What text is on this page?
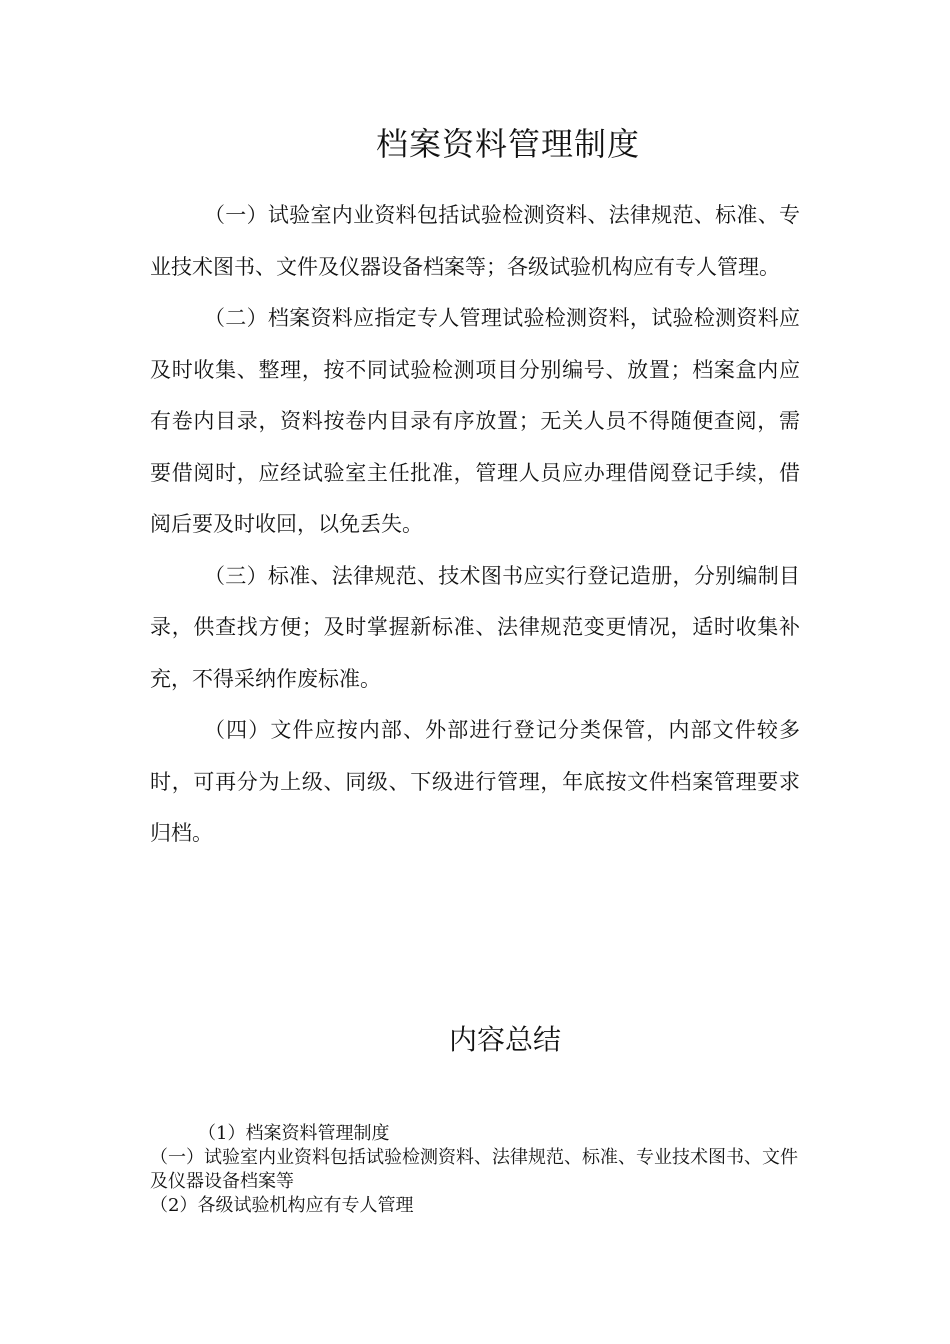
档案资料管理制度

（一）试验室内业资料包括试验检测资料、法律规范、标准、专业技术图书、文件及仪器设备档案等；各级试验机构应有专人管理。

（二）档案资料应指定专人管理试验检测资料，试验检测资料应及时收集、整理，按不同试验检测项目分别编号、放置；档案盒内应有卷内目录，资料按卷内目录有序放置；无关人员不得随便查阅，需要借阅时，应经试验室主任批准，管理人员应办理借阅登记手续，借阅后要及时收回，以免丢失。

（三）标准、法律规范、技术图书应实行登记造册，分别编制目录，供查找方便；及时掌握新标准、法律规范变更情况，适时收集补充，不得采纳作废标准。

（四）文件应按内部、外部进行登记分类保管，内部文件较多时，可再分为上级、同级、下级进行管理，年底按文件档案管理要求归档。

内容总结

（1）档案资料管理制度

（一）试验室内业资料包括试验检测资料、法律规范、标准、专业技术图书、文件及仪器设备档案等

（2）各级试验机构应有专人管理
